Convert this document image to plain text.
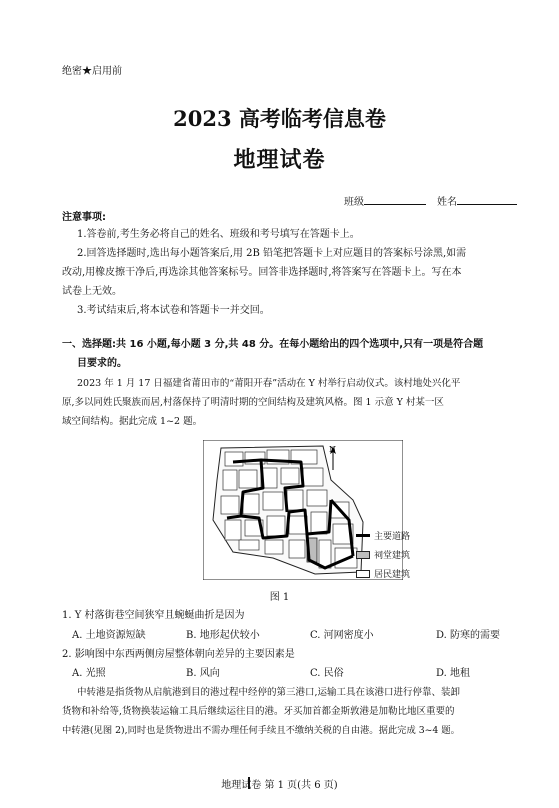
绝密★启用前
2023 高考临考信息卷
地理试卷
班级	姓名
注意事项:
1.答卷前,考生务必将自己的姓名、班级和考号填写在答题卡上。
2.回答选择题时,选出每小题答案后,用 2B 铅笔把答题卡上对应题目的答案标号涂黑,如需
改动,用橡皮擦干净后,再选涂其他答案标号。回答非选择题时,将答案写在答题卡上。写在本
试卷上无效。
3.考试结束后,将本试卷和答题卡一并交回。
一、选择题:共 16 小题,每小题 3 分,共 48 分。在每小题给出的四个选项中,只有一项是符合题
目要求的。
2023 年 1 月 17 日福建省莆田市的“莆阳开春”活动在 Y 村举行启动仪式。该村地处兴化平
原,多以同姓氏聚族而居,村落保持了明清时期的空间结构及建筑风格。图 1 示意 Y 村某一区
域空间结构。据此完成 1~2 题。
N
主要道路
祠堂建筑
居民建筑
图 1
1. Y 村落街巷空间狭窄且蜿蜒曲折是因为
A. 土地资源短缺	B. 地形起伏较小	C. 河网密度小	D. 防寒的需要
2. 影响图中东西两侧房屋整体朝向差异的主要因素是
A. 光照	B. 风向	C. 民俗	D. 地租
中转港是指货物从启航港到目的港过程中经停的第三港口,运输工具在该港口进行停靠、装卸
货物和补给等,货物换装运输工具后继续运往目的港。牙买加首都金斯敦港是加勒比地区重要的
中转港(见图 2),同时也是货物进出不需办理任何手续且不缴纳关税的自由港。据此完成 3~4 题。
地理试卷 第 1 页(共 6 页)
